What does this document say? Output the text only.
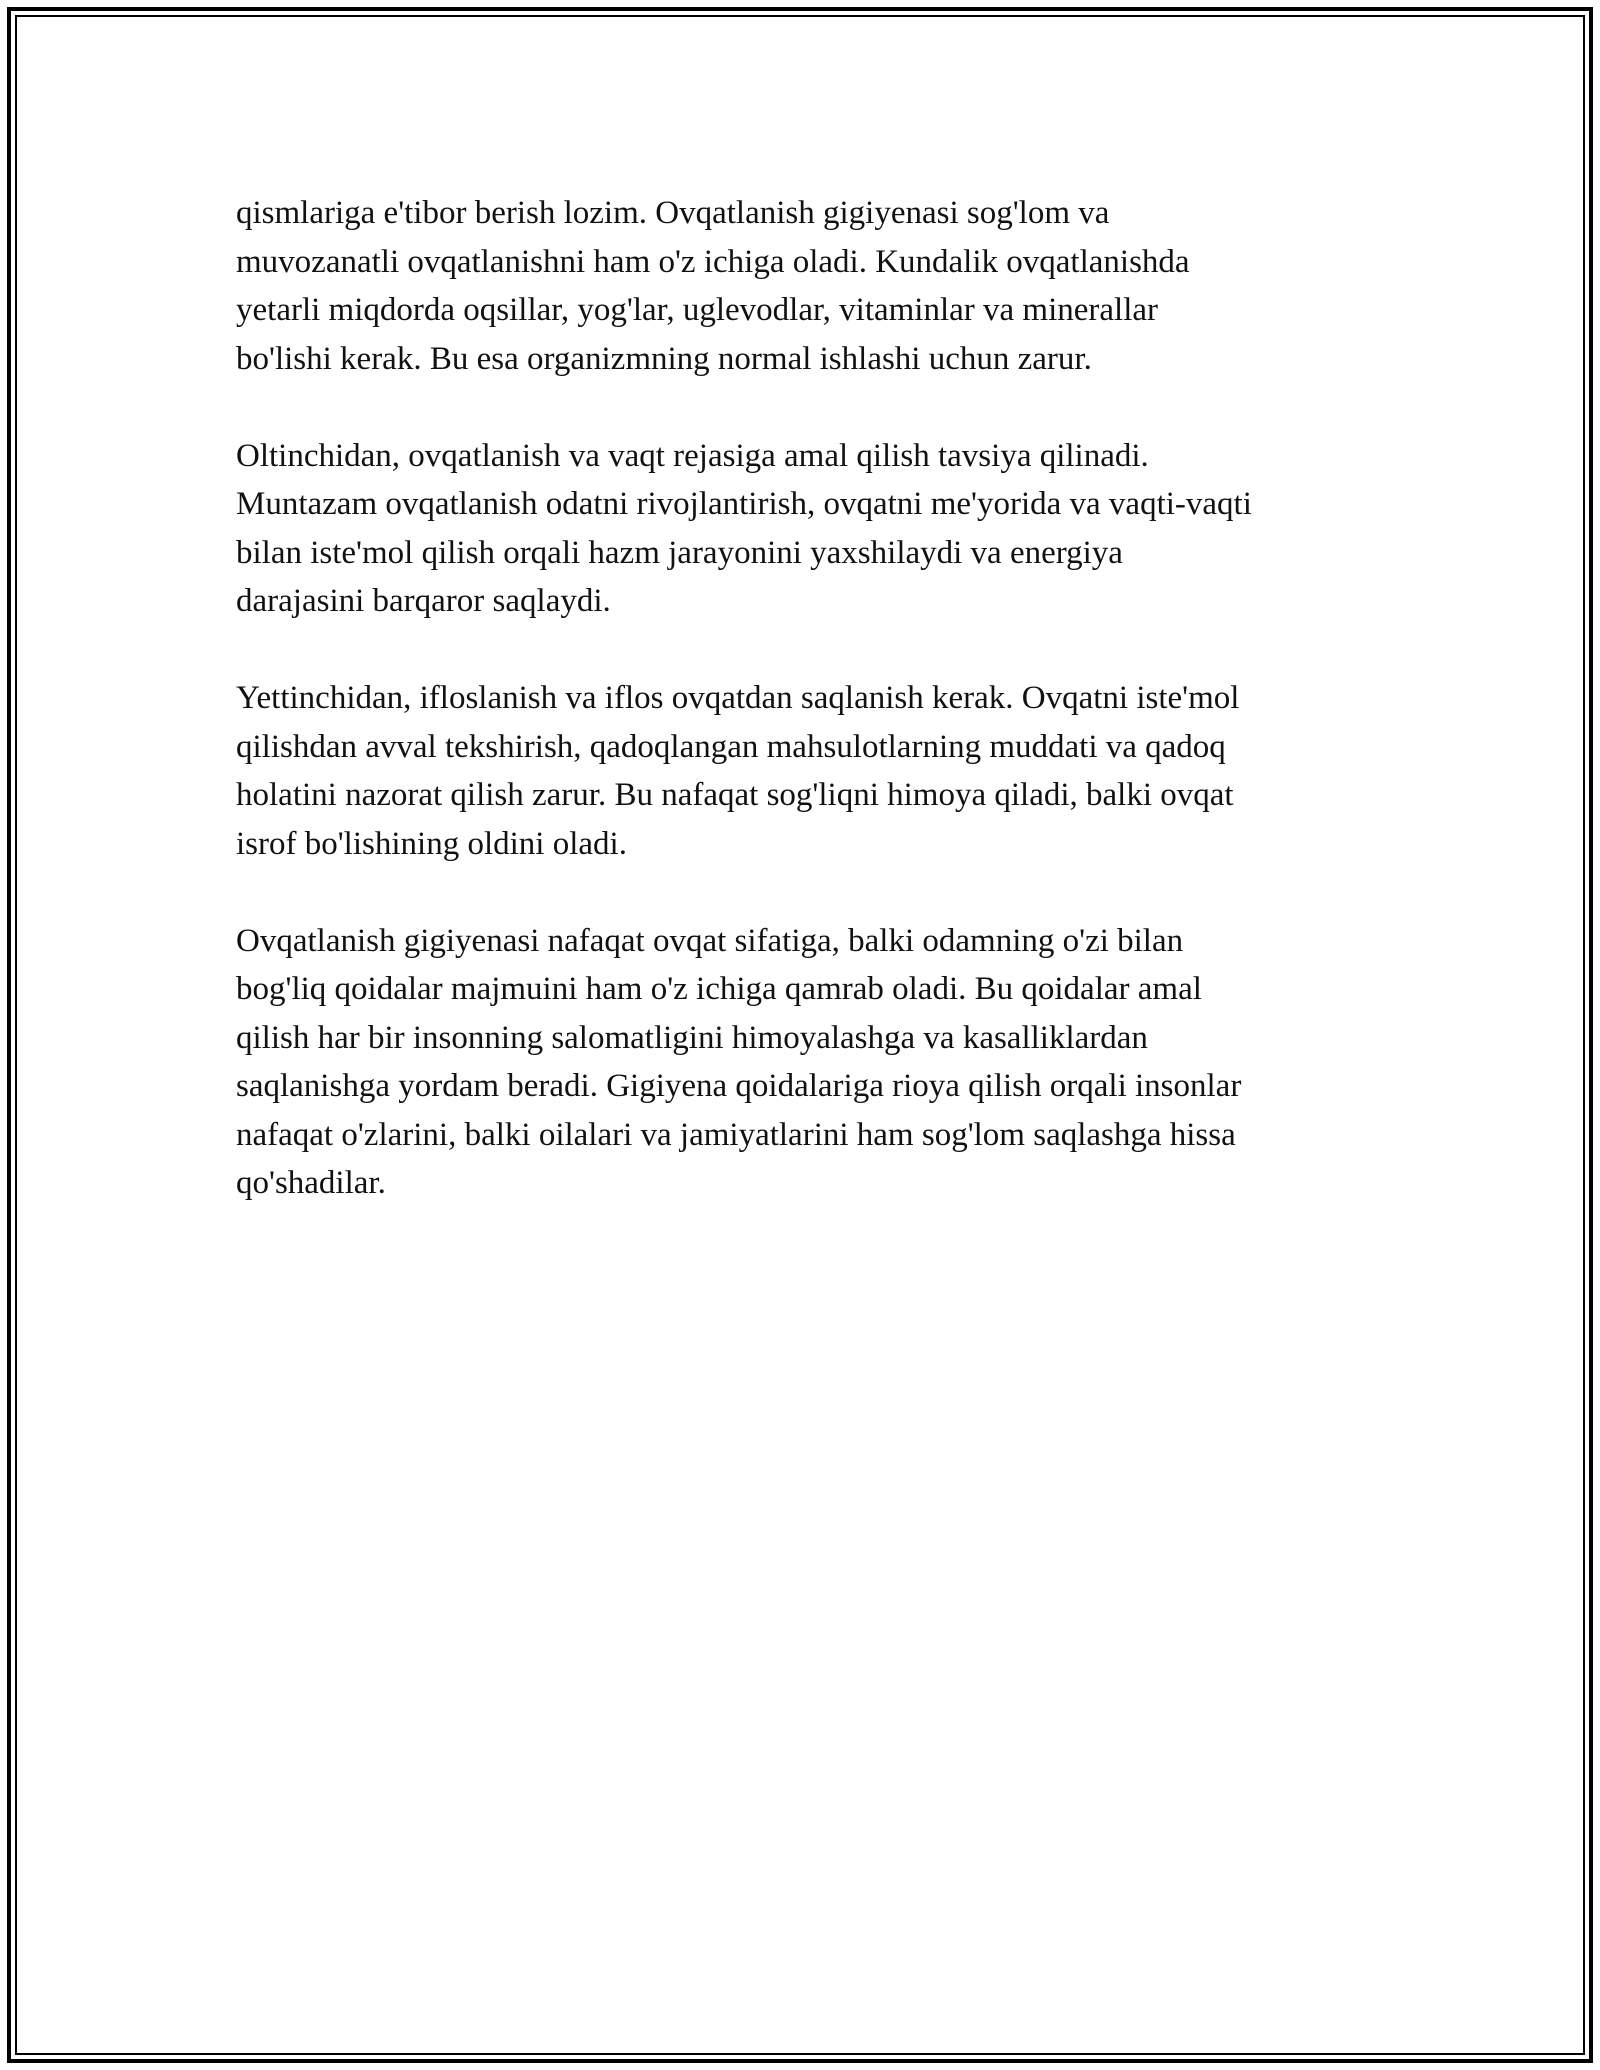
qismlariga e'tibor berish lozim. Ovqatlanish gigiyenasi sog'lom va
muvozanatli ovqatlanishni ham o'z ichiga oladi. Kundalik ovqatlanishda
yetarli miqdorda oqsillar, yog'lar, uglevodlar, vitaminlar va minerallar
bo'lishi kerak. Bu esa organizmning normal ishlashi uchun zarur.

Oltinchidan, ovqatlanish va vaqt rejasiga amal qilish tavsiya qilinadi.
Muntazam ovqatlanish odatni rivojlantirish, ovqatni me'yorida va vaqti-vaqti
bilan iste'mol qilish orqali hazm jarayonini yaxshilaydi va energiya
darajasini barqaror saqlaydi.

Yettinchidan, ifloslanish va iflos ovqatdan saqlanish kerak. Ovqatni iste'mol
qilishdan avval tekshirish, qadoqlangan mahsulotlarning muddati va qadoq
holatini nazorat qilish zarur. Bu nafaqat sog'liqni himoya qiladi, balki ovqat
isrof bo'lishining oldini oladi.

Ovqatlanish gigiyenasi nafaqat ovqat sifatiga, balki odamning o'zi bilan
bog'liq qoidalar majmuini ham o'z ichiga qamrab oladi. Bu qoidalar amal
qilish har bir insonning salomatligini himoyalashga va kasalliklardan
saqlanishga yordam beradi. Gigiyena qoidalariga rioya qilish orqali insonlar
nafaqat o'zlarini, balki oilalari va jamiyatlarini ham sog'lom saqlashga hissa
qo'shadilar.
